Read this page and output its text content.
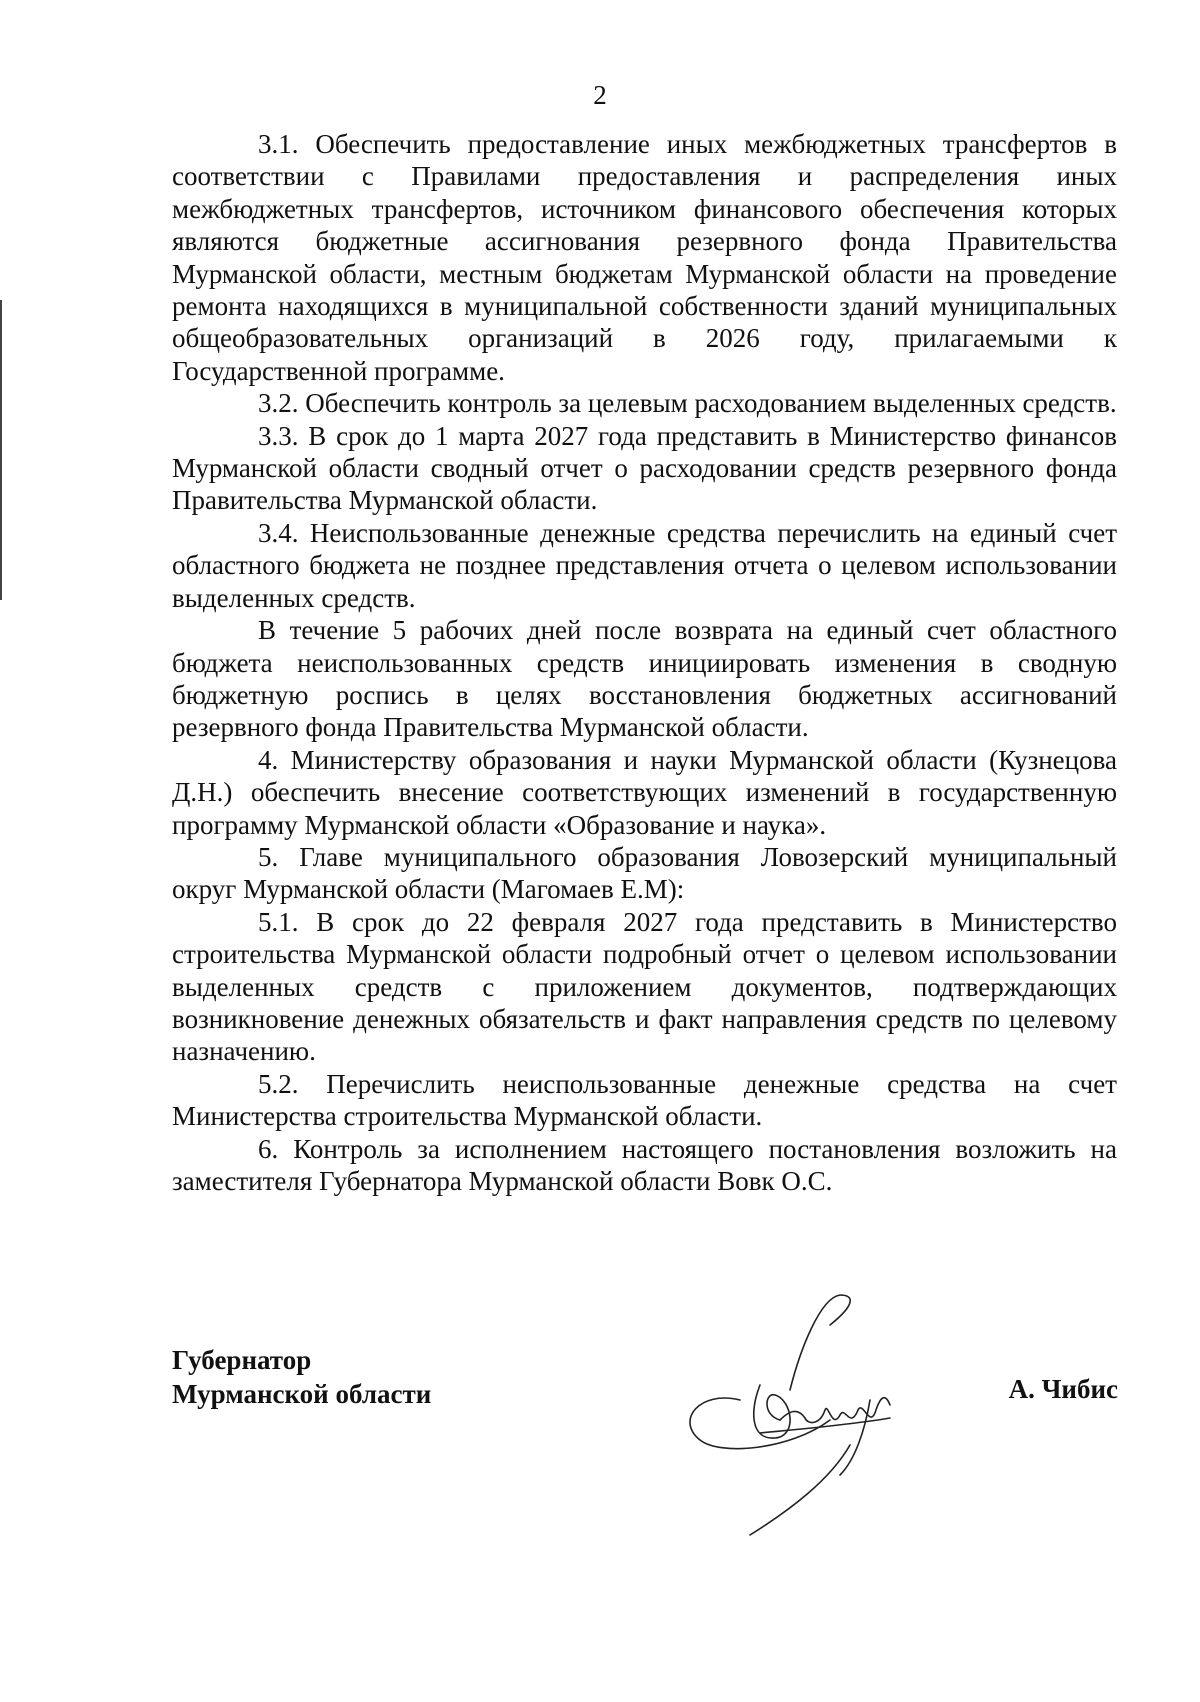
2

3.1. Обеспечить предоставление иных межбюджетных трансфертов в соответствии с Правилами предоставления и распределения иных межбюджетных трансфертов, источником финансового обеспечения которых являются бюджетные ассигнования резервного фонда Правительства Мурманской области, местным бюджетам Мурманской области на проведение ремонта находящихся в муниципальной собственности зданий муниципальных общеобразовательных организаций в 2026 году, прилагаемыми к Государственной программе.

3.2. Обеспечить контроль за целевым расходованием выделенных средств.

3.3. В срок до 1 марта 2027 года представить в Министерство финансов Мурманской области сводный отчет о расходовании средств резервного фонда Правительства Мурманской области.

3.4. Неиспользованные денежные средства перечислить на единый счет областного бюджета не позднее представления отчета о целевом использовании выделенных средств.

В течение 5 рабочих дней после возврата на единый счет областного бюджета неиспользованных средств инициировать изменения в сводную бюджетную роспись в целях восстановления бюджетных ассигнований резервного фонда Правительства Мурманской области.

4. Министерству образования и науки Мурманской области (Кузнецова Д.Н.) обеспечить внесение соответствующих изменений в государственную программу Мурманской области «Образование и наука».

5. Главе муниципального образования Ловозерский муниципальный округ Мурманской области (Магомаев Е.М):

5.1. В срок до 22 февраля 2027 года представить в Министерство строительства Мурманской области подробный отчет о целевом использовании выделенных средств с приложением документов, подтверждающих возникновение денежных обязательств и факт направления средств по целевому назначению.

5.2. Перечислить неиспользованные денежные средства на счет Министерства строительства Мурманской области.

6. Контроль за исполнением настоящего постановления возложить на заместителя Губернатора Мурманской области Вовк О.С.

Губернатор
Мурманской области	А. Чибис
